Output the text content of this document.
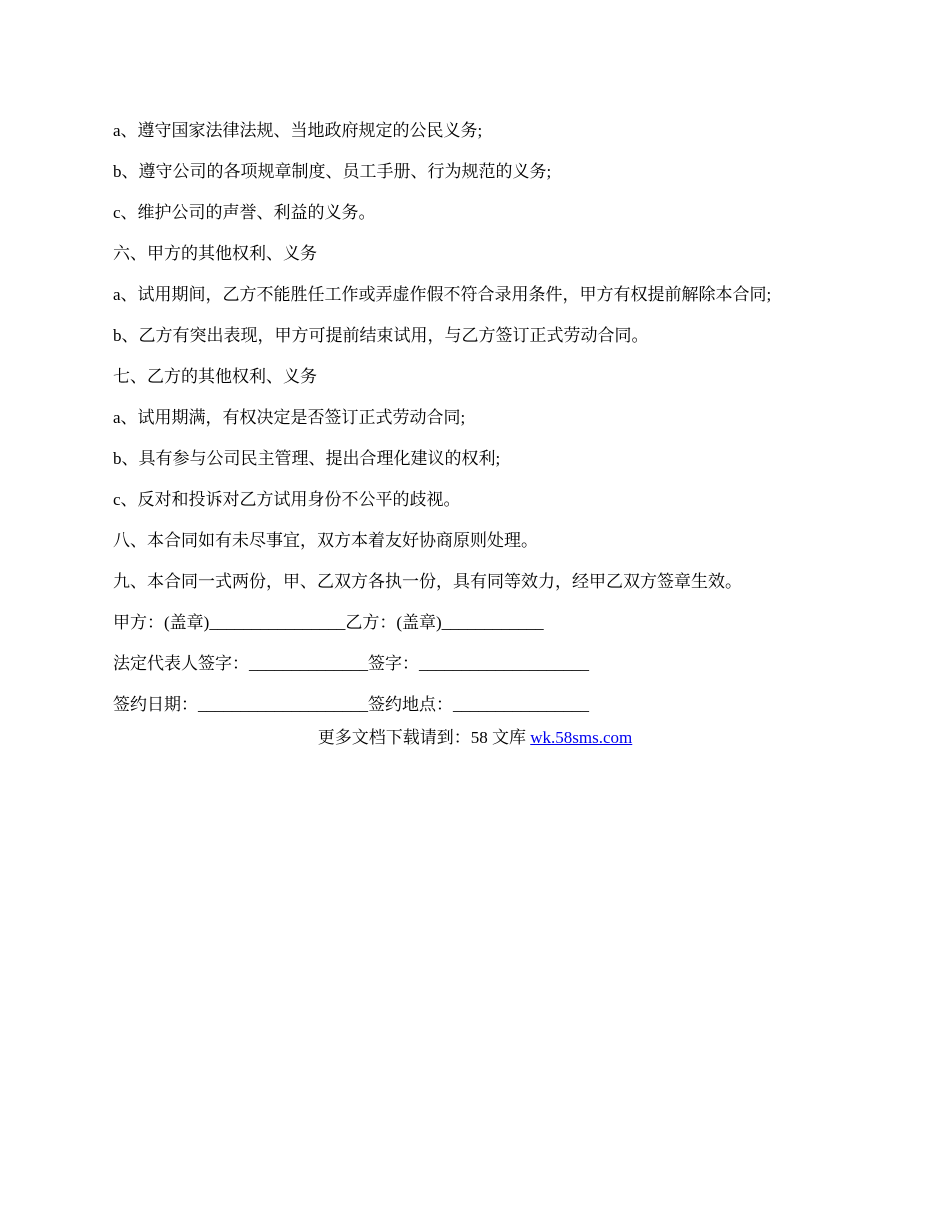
a、遵守国家法律法规、当地政府规定的公民义务;
b、遵守公司的各项规章制度、员工手册、行为规范的义务;
c、维护公司的声誉、利益的义务。
六、甲方的其他权利、义务
a、试用期间，乙方不能胜任工作或弄虚作假不符合录用条件，甲方有权提前解除本合同;
b、乙方有突出表现，甲方可提前结束试用，与乙方签订正式劳动合同。
七、乙方的其他权利、义务
a、试用期满，有权决定是否签订正式劳动合同;
b、具有参与公司民主管理、提出合理化建议的权利;
c、反对和投诉对乙方试用身份不公平的歧视。
八、本合同如有未尽事宜，双方本着友好协商原则处理。
九、本合同一式两份，甲、乙双方各执一份，具有同等效力，经甲乙双方签章生效。
甲方：(盖章)________________乙方：(盖章)____________
法定代表人签字：______________签字：____________________
签约日期：____________________签约地点：________________
更多文档下载请到：58 文库 wk.58sms.com
